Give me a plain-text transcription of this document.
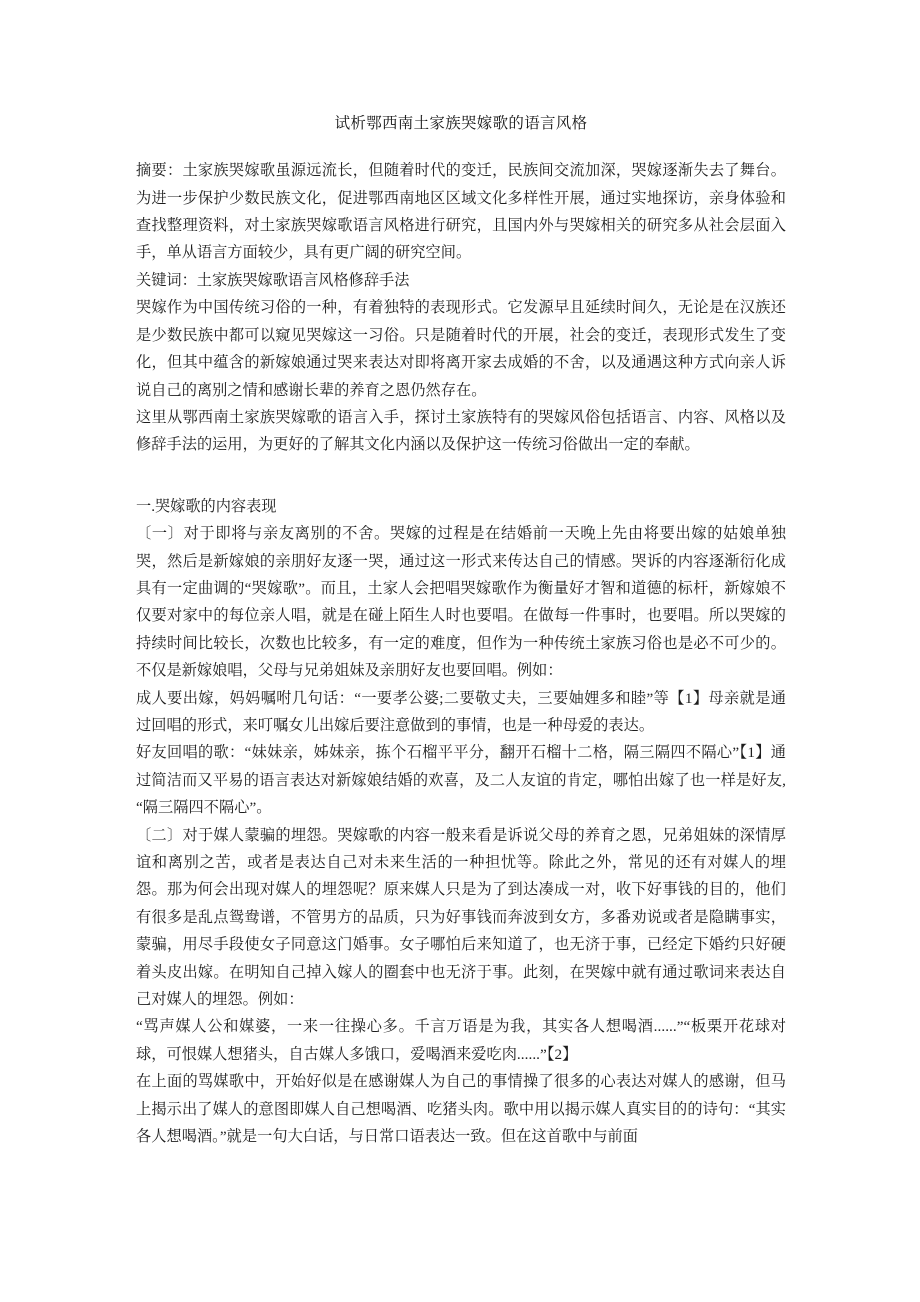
试析鄂西南土家族哭嫁歌的语言风格

摘要：土家族哭嫁歌虽源远流长，但随着时代的变迁，民族间交流加深，哭嫁逐渐失去了舞台。为进一步保护少数民族文化，促进鄂西南地区区域文化多样性开展，通过实地探访，亲身体验和查找整理资料，对土家族哭嫁歌语言风格进行研究，且国内外与哭嫁相关的研究多从社会层面入手，单从语言方面较少，具有更广阔的研究空间。

关键词：土家族哭嫁歌语言风格修辞手法

哭嫁作为中国传统习俗的一种，有着独特的表现形式。它发源早且延续时间久，无论是在汉族还是少数民族中都可以窥见哭嫁这一习俗。只是随着时代的开展，社会的变迁，表现形式发生了变化，但其中蕴含的新嫁娘通过哭来表达对即将离开家去成婚的不舍，以及通遇这种方式向亲人诉说自己的离别之情和感谢长辈的养育之恩仍然存在。

这里从鄂西南土家族哭嫁歌的语言入手，探讨土家族特有的哭嫁风俗包括语言、内容、风格以及修辞手法的运用，为更好的了解其文化内涵以及保护这一传统习俗做出一定的奉献。

一.哭嫁歌的内容表现

〔一〕对于即将与亲友离别的不舍。哭嫁的过程是在结婚前一天晚上先由将要出嫁的姑娘单独哭，然后是新嫁娘的亲朋好友逐一哭，通过这一形式来传达自己的情感。哭诉的内容逐渐衍化成具有一定曲调的“哭嫁歌”。而且，土家人会把唱哭嫁歌作为衡量好才智和道德的标杆，新嫁娘不仅要对家中的每位亲人唱，就是在碰上陌生人时也要唱。在做每一件事时，也要唱。所以哭嫁的持续时间比较长，次数也比较多，有一定的难度，但作为一种传统土家族习俗也是必不可少的。不仅是新嫁娘唱，父母与兄弟姐妹及亲朋好友也要回唱。例如：

成人要出嫁，妈妈嘱咐几句话：“一要孝公婆;二要敬丈夫，三要妯娌多和睦”等【1】母亲就是通过回唱的形式，来叮嘱女儿出嫁后要注意做到的事情，也是一种母爱的表达。

好友回唱的歌：“妹妹亲，姊妹亲，拣个石榴平平分，翻开石榴十二格，隔三隔四不隔心”【1】通过简洁而又平易的语言表达对新嫁娘结婚的欢喜，及二人友谊的肯定，哪怕出嫁了也一样是好友,“隔三隔四不隔心”。

〔二〕对于媒人蒙骗的埋怨。哭嫁歌的内容一般来看是诉说父母的养育之恩，兄弟姐妹的深情厚谊和离别之苦，或者是表达自己对未来生活的一种担忧等。除此之外，常见的还有对媒人的埋怨。那为何会出现对媒人的埋怨呢？原来媒人只是为了到达凑成一对，收下好事钱的目的，他们有很多是乱点鸳鸯谱，不管男方的品质，只为好事钱而奔波到女方，多番劝说或者是隐瞒事实，蒙骗，用尽手段使女子同意这门婚事。女子哪怕后来知道了，也无济于事，已经定下婚约只好硬着头皮出嫁。在明知自己掉入嫁人的圈套中也无济于事。此刻，在哭嫁中就有通过歌词来表达自己对媒人的埋怨。例如：

“骂声媒人公和媒婆，一来一往操心多。千言万语是为我，其实各人想喝酒......”“板栗开花球对球，可恨媒人想猪头，自古媒人多饿口，爱喝酒来爱吃肉......”【2】

在上面的骂媒歌中，开始好似是在感谢媒人为自己的事情操了很多的心表达对媒人的感谢，但马上揭示出了媒人的意图即媒人自己想喝酒、吃猪头肉。歌中用以揭示媒人真实目的的诗句：“其实各人想喝酒。”就是一句大白话，与日常口语表达一致。但在这首歌中与前面
